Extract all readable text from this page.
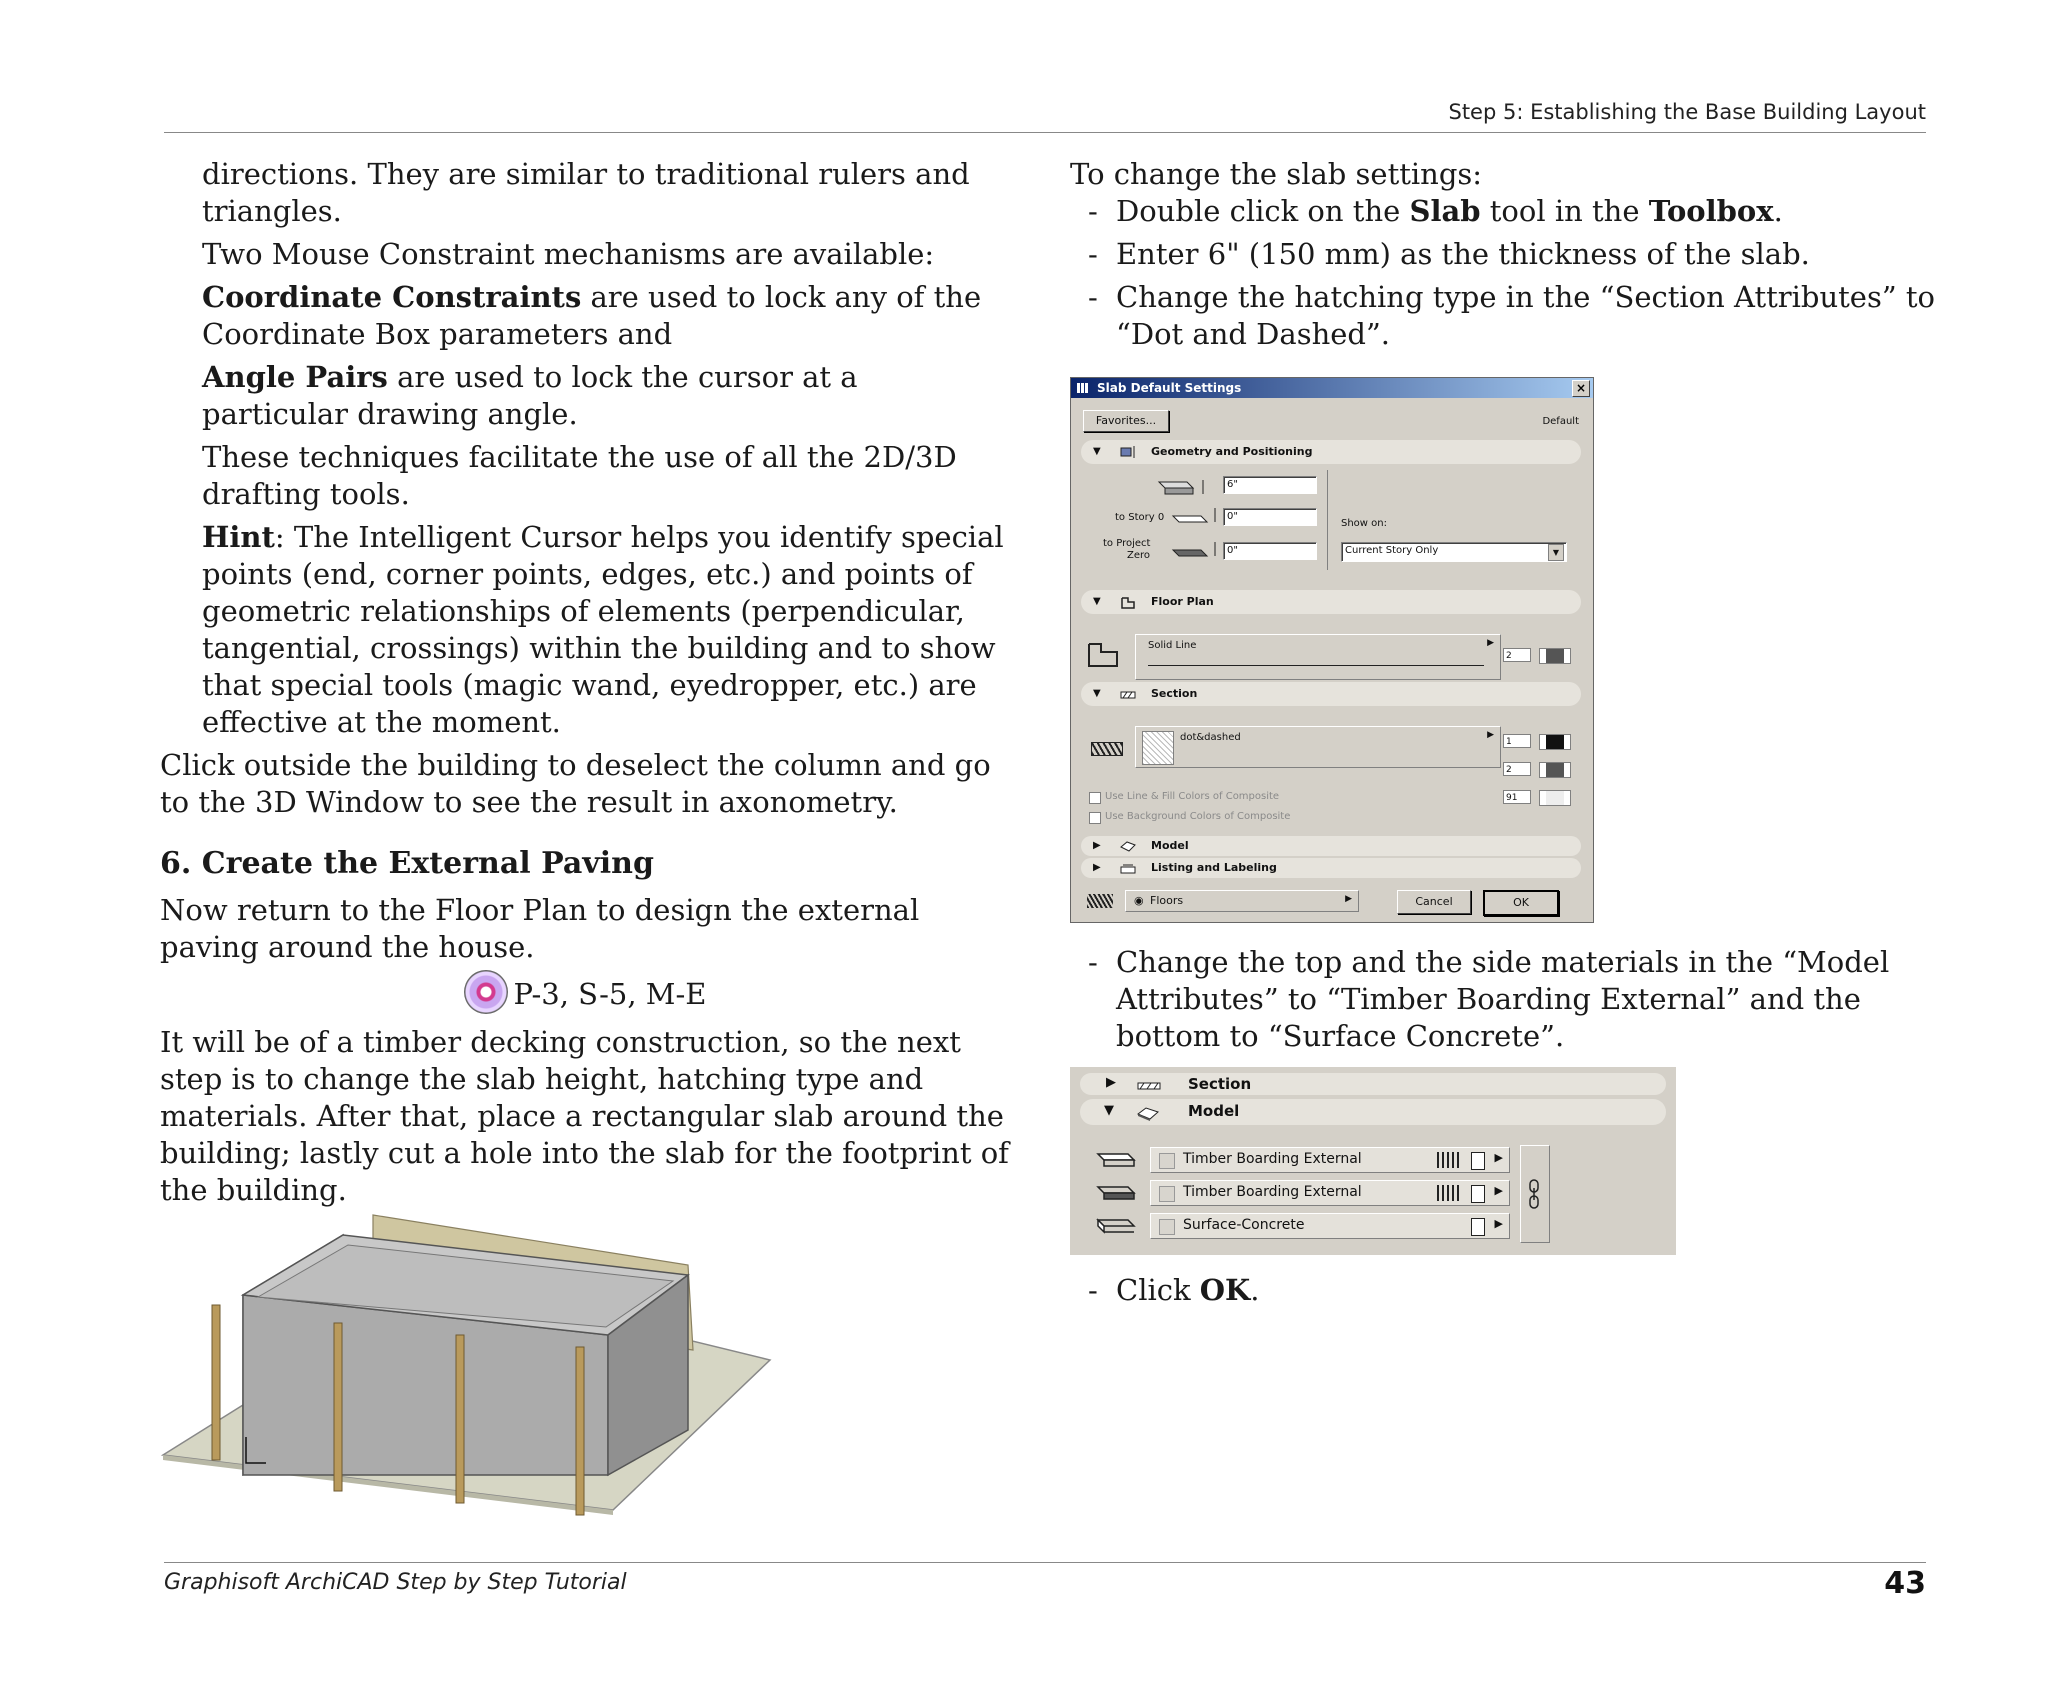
Step 5: Establishing the Base Building Layout

directions. They are similar to traditional rulers and triangles.

Two Mouse Constraint mechanisms are available:

Coordinate Constraints are used to lock any of the Coordinate Box parameters and

Angle Pairs are used to lock the cursor at a particular drawing angle.

These techniques facilitate the use of all the 2D/3D drafting tools.

Hint: The Intelligent Cursor helps you identify special points (end, corner points, edges, etc.) and points of geometric relationships of elements (perpendicular, tangential, crossings) within the building and to show that special tools (magic wand, eyedropper, etc.) are effective at the moment.

Click outside the building to deselect the column and go to the 3D Window to see the result in axonometry.

6. Create the External Paving

Now return to the Floor Plan to design the external paving around the house.

P-3, S-5, M-E

It will be of a timber decking construction, so the next step is to change the slab height, hatching type and materials. After that, place a rectangular slab around the building; lastly cut a hole into the slab for the footprint of the building.

To change the slab settings:

- Double click on the Slab tool in the Toolbox.

- Enter 6" (150 mm) as the thickness of the slab.

- Change the hatching type in the “Section Attributes” to “Dot and Dashed”.

- Change the top and the side materials in the “Model Attributes” to “Timber Boarding External” and the bottom to “Surface Concrete”.

- Click OK.

Slab Default Settings	×
Favorites...	Default
▼	Geometry and Positioning
6"
to Story 0	0"
to Project
Zero	0"
Show on:
Current Story Only	▼
▼	Floor Plan
Solid Line	▶
2
▼	Section
dot&dashed	▶
1
2
91
Use Line & Fill Colors of Composite
Use Background Colors of Composite
▶	Model
▶	Listing and Labeling
◉ Floors	▶	Cancel	OK
▶	Section
▼	Model
Timber Boarding External	▶
Timber Boarding External	▶
Surface-Concrete	▶
Graphisoft ArchiCAD Step by Step Tutorial	43
